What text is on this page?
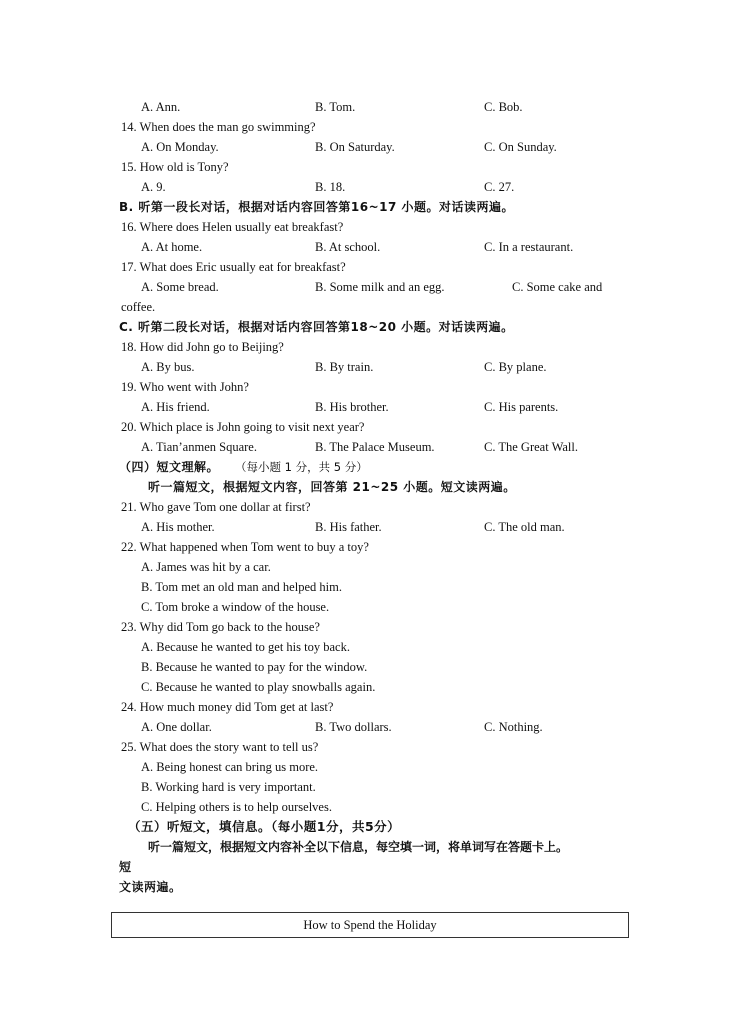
A. Ann.	B. Tom.	C. Bob.
14. When does the man go swimming?
A. On Monday.	B. On Saturday.	C. On Sunday.
15. How old is Tony?
A. 9.	B. 18.	C. 27.
B. 听第一段长对话，根据对话内容回答第16~17 小题。对话读两遍。
16. Where does Helen usually eat breakfast?
A. At home.	B. At school.	C. In a restaurant.
17. What does Eric usually eat for breakfast?
A. Some bread.	B. Some milk and an egg.	C. Some cake and
coffee.
C. 听第二段长对话，根据对话内容回答第18~20 小题。对话读两遍。
18. How did John go to Beijing?
A. By bus.	B. By train.	C. By plane.
19. Who went with John?
A. His friend.	B. His brother.	C. His parents.
20. Which place is John going to visit next year?
A. Tian’anmen Square.	B. The Palace Museum.	C. The Great Wall.
（四）短文理解。 （每小题 1 分，共 5 分）
听一篇短文，根据短文内容，回答第 21~25 小题。短文读两遍。
21. Who gave Tom one dollar at first?
A. His mother.	B. His father.	C. The old man.
22. What happened when Tom went to buy a toy?
A. James was hit by a car.
B. Tom met an old man and helped him.
C. Tom broke a window of the house.
23. Why did Tom go back to the house?
A. Because he wanted to get his toy back.
B. Because he wanted to pay for the window.
C. Because he wanted to play snowballs again.
24. How much money did Tom get at last?
A. One dollar.	B. Two dollars.	C. Nothing.
25. What does the story want to tell us?
A. Being honest can bring us more.
B. Working hard is very important.
C. Helping others is to help ourselves.
（五）听短文，填信息。（每小题1分，共5分）
听一篇短文，根据短文内容补全以下信息，每空填一词，将单词写在答题卡上。
短
文读两遍。
How to Spend the Holiday
